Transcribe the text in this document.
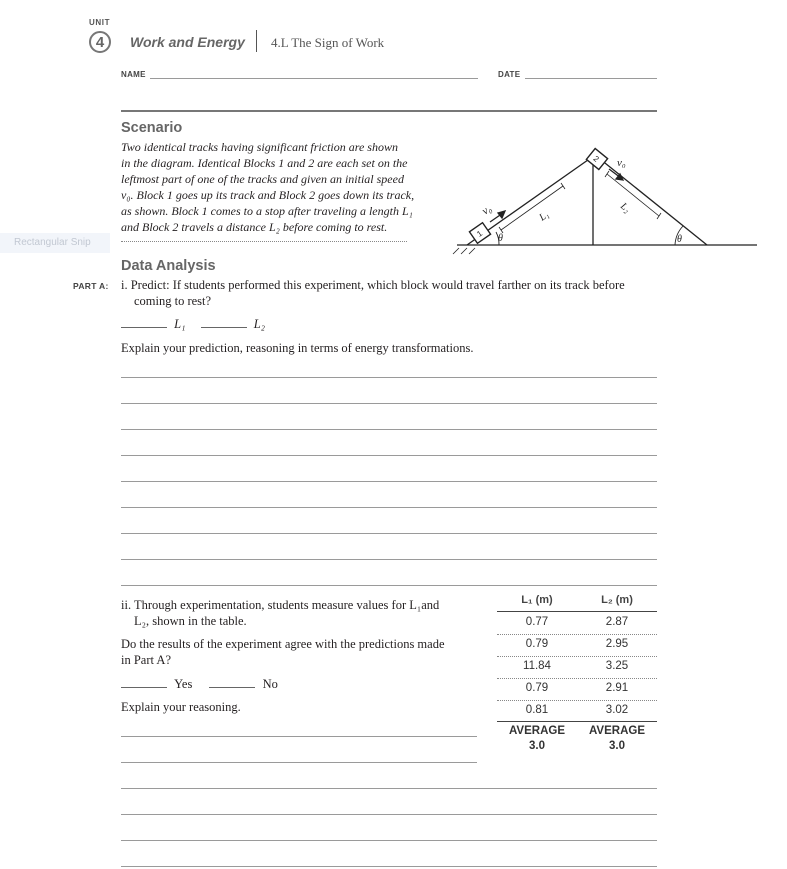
UNIT
4	Work and Energy 4.L The Sign of Work
NAME	DATE
Scenario
Two identical tracks having significant friction are shown
in the diagram. Identical Blocks 1 and 2 are each set on the
leftmost part of one of the tracks and given an initial speed
v₀. Block 1 goes up its track and Block 2 goes down its track,
as shown. Block 1 comes to a stop after traveling a length L₁
and Block 2 travels a distance L₂ before coming to rest.
Rectangular Snip
v₀
v₀
L₁
L₂
θ	θ
1
2
Data Analysis
PART A: i. Predict: If students performed this experiment, which block would travel farther on its track before
coming to rest?
L₁	L₂
Explain your prediction, reasoning in terms of energy transformations.
ii. Through experimentation, students measure values for L₁and
L₂, shown in the table.
Do the results of the experiment agree with the predictions made
in Part A?
Yes	No
Explain your reasoning.
L₁ (m)	L₂ (m)
0.77	2.87
0.79	2.95
11.84	3.25
0.79	2.91
0.81	3.02
AVERAGE	AVERAGE
3.0	3.0
